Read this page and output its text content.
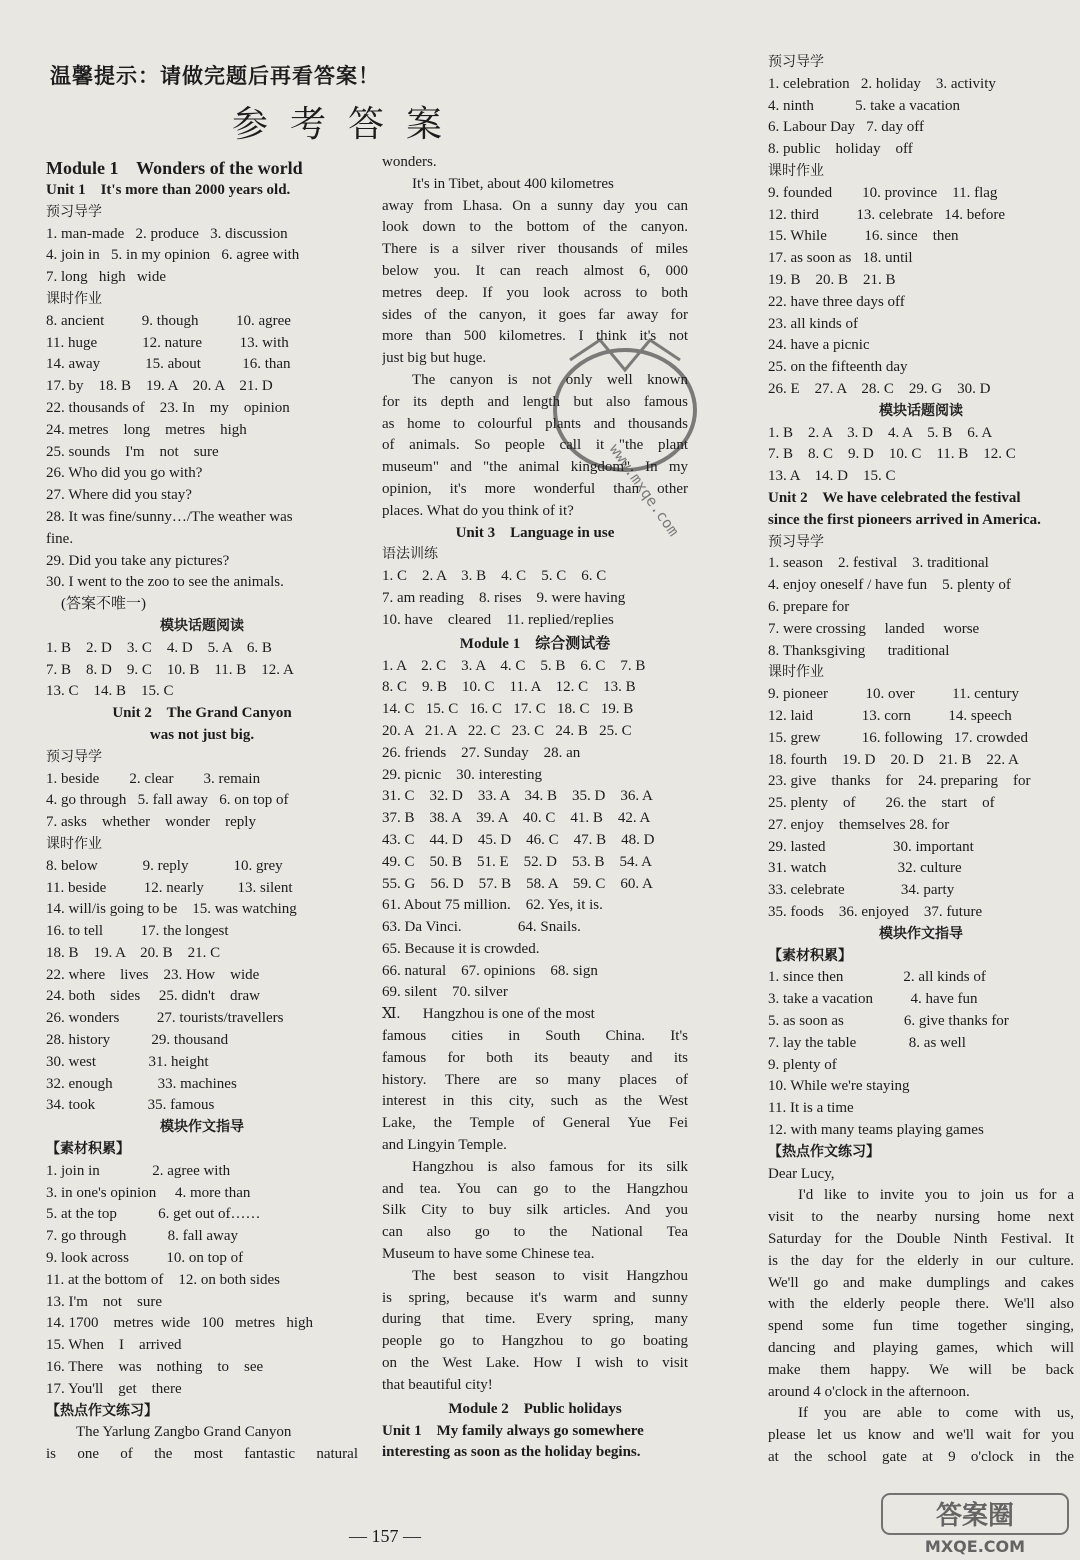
温馨提示：请做完题后再看答案！
参考答案
Module 1    Wonders of the world
Unit 1    It's more than 2000 years old.
预习导学
1. man-made   2. produce   3. discussion
4. join in   5. in my opinion   6. agree with
7. long   high   wide
课时作业
8. ancient          9. though          10. agree
11. huge            12. nature          13. with
14. away            15. about           16. than
17. by    18. B    19. A    20. A    21. D
22. thousands of    23. In    my    opinion
24. metres    long    metres    high
25. sounds    I'm    not    sure
26. Who did you go with?
27. Where did you stay?
28. It was fine/sunny…/The weather was
fine.
29. Did you take any pictures?
30. I went to the zoo to see the animals.
(答案不唯一)
模块话题阅读
1. B    2. D    3. C    4. D    5. A    6. B
7. B    8. D    9. C    10. B    11. B    12. A
13. C    14. B    15. C
Unit 2    The Grand Canyon
was not just big.
预习导学
1. beside        2. clear        3. remain
4. go through   5. fall away   6. on top of
7. asks    whether    wonder    reply
课时作业
8. below            9. reply            10. grey
11. beside          12. nearly         13. silent
14. will/is going to be    15. was watching
16. to tell          17. the longest
18. B    19. A    20. B    21. C
22. where    lives    23. How    wide
24. both    sides     25. didn't    draw
26. wonders          27. tourists/travellers
28. history           29. thousand
30. west              31. height
32. enough            33. machines
34. took              35. famous
模块作文指导
【素材积累】
1. join in              2. agree with
3. in one's opinion     4. more than
5. at the top           6. get out of……
7. go through           8. fall away
9. look across          10. on top of
11. at the bottom of    12. on both sides
13. I'm    not    sure
14. 1700    metres  wide   100   metres   high
15. When    I    arrived
16. There    was    nothing    to    see
17. You'll    get    there
【热点作文练习】
The Yarlung Zangbo Grand Canyon
is one of the most fantastic natural
wonders.
It's in Tibet, about 400 kilometres
away from Lhasa. On a sunny day you can
look down to the bottom of the canyon.
There is a silver river thousands of miles
below you. It can reach almost 6, 000
metres deep. If you look across to both
sides of the canyon, it goes far away for
more than 500 kilometres. I think it's not
just big but huge.
The canyon is not only well known
for its depth and length but also famous
as home to colourful plants and thousands
of animals. So people call it "the plant
museum" and "the animal kingdom". In my
opinion, it's more wonderful than other
places. What do you think of it?
Unit 3    Language in use
语法训练
1. C    2. A    3. B    4. C    5. C    6. C
7. am reading    8. rises    9. were having
10. have    cleared    11. replied/replies
Module 1    综合测试卷
1. A    2. C    3. A    4. C    5. B    6. C    7. B
8. C    9. B    10. C    11. A    12. C    13. B
14. C   15. C   16. C   17. C   18. C   19. B
20. A   21. A   22. C   23. C   24. B   25. C
26. friends    27. Sunday    28. an
29. picnic    30. interesting
31. C    32. D    33. A    34. B    35. D    36. A
37. B    38. A    39. A    40. C    41. B    42. A
43. C    44. D    45. D    46. C    47. B    48. D
49. C    50. B    51. E    52. D    53. B    54. A
55. G    56. D    57. B    58. A    59. C    60. A
61. About 75 million.    62. Yes, it is.
63. Da Vinci.               64. Snails.
65. Because it is crowded.
66. natural    67. opinions    68. sign
69. silent    70. silver
Ⅺ.      Hangzhou is one of the most
famous cities in South China. It's
famous for both its beauty and its
history. There are so many places of
interest in this city, such as the West
Lake, the Temple of General Yue Fei
and Lingyin Temple.
Hangzhou is also famous for its silk
and tea. You can go to the Hangzhou
Silk City to buy silk articles. And you
can also go to the National Tea
Museum to have some Chinese tea.
The best season to visit Hangzhou
is spring, because it's warm and sunny
during that time. Every spring, many
people go to Hangzhou to go boating
on the West Lake. How I wish to visit
that beautiful city!
Module 2    Public holidays
Unit 1    My family always go somewhere
interesting as soon as the holiday begins.
预习导学
1. celebration   2. holiday    3. activity
4. ninth           5. take a vacation
6. Labour Day   7. day off
8. public    holiday    off
课时作业
9. founded        10. province    11. flag
12. third          13. celebrate   14. before
15. While          16. since    then
17. as soon as   18. until
19. B    20. B    21. B
22. have three days off
23. all kinds of
24. have a picnic
25. on the fifteenth day
26. E    27. A    28. C    29. G    30. D
模块话题阅读
1. B    2. A    3. D    4. A    5. B    6. A
7. B    8. C    9. D    10. C    11. B    12. C
13. A    14. D    15. C
Unit 2    We have celebrated the festival
since the first pioneers arrived in America.
预习导学
1. season    2. festival    3. traditional
4. enjoy oneself / have fun    5. plenty of
6. prepare for
7. were crossing     landed     worse
8. Thanksgiving      traditional
课时作业
9. pioneer          10. over          11. century
12. laid             13. corn          14. speech
15. grew           16. following   17. crowded
18. fourth    19. D    20. D    21. B    22. A
23. give    thanks    for    24. preparing    for
25. plenty    of        26. the    start    of
27. enjoy    themselves 28. for
29. lasted                  30. important
31. watch                   32. culture
33. celebrate               34. party
35. foods    36. enjoyed    37. future
模块作文指导
【素材积累】
1. since then                2. all kinds of
3. take a vacation          4. have fun
5. as soon as                6. give thanks for
7. lay the table              8. as well
9. plenty of
10. While we're staying
11. It is a time
12. with many teams playing games
【热点作文练习】
Dear Lucy,
I'd like to invite you to join us for a
visit to the nearby nursing home next
Saturday for the Double Ninth Festival. It
is the day for the elderly in our culture.
We'll go and make dumplings and cakes
with the elderly people there. We'll also
spend some fun time together singing,
dancing and playing games, which will
make them happy. We will be back
around 4 o'clock in the afternoon.
If you are able to come with us,
please let us know and we'll wait for you
at the school gate at 9 o'clock in the
www.mxqe.com
答案圈
MXQE.COM
— 157 —
